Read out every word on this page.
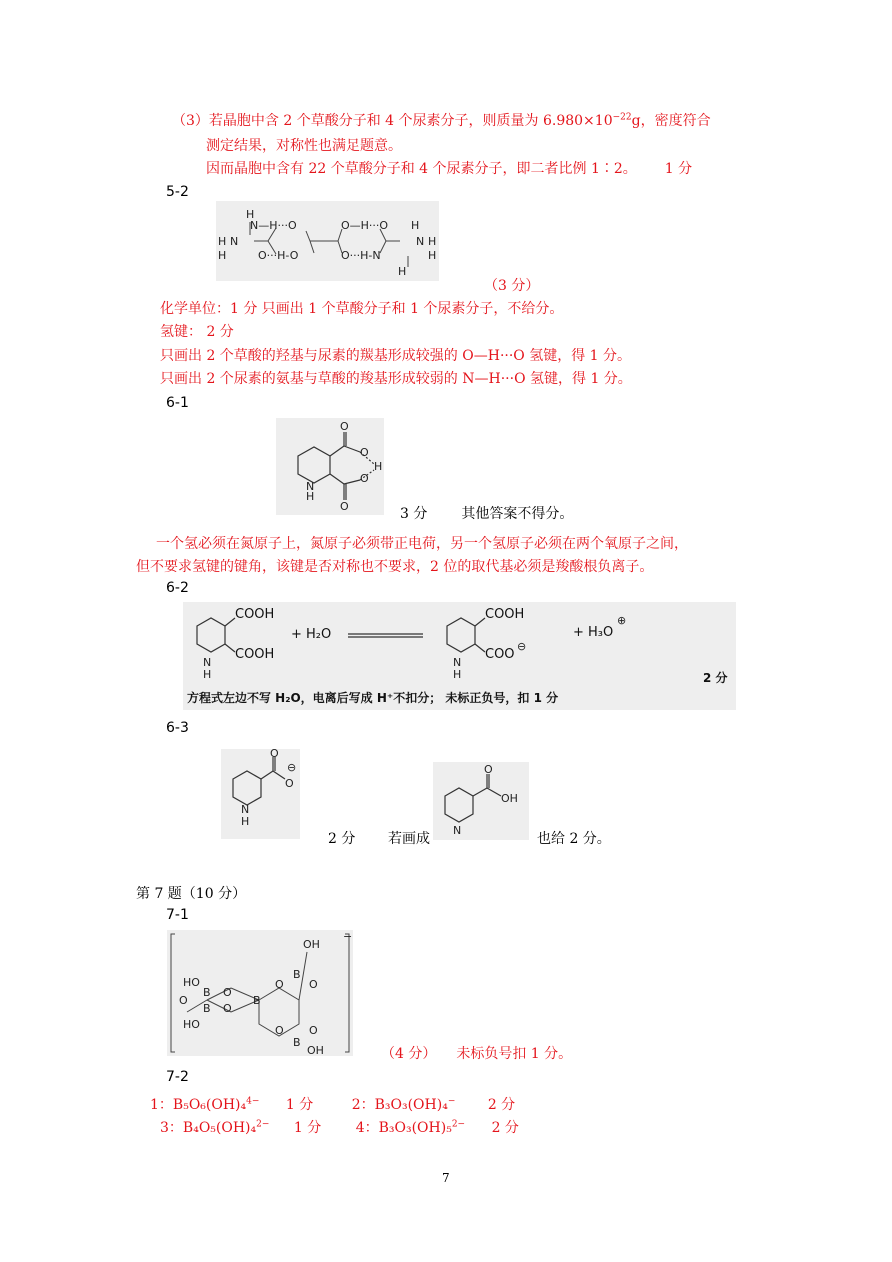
（3）若晶胞中含 2 个草酸分子和 4 个尿素分子，则质量为 $6.980\times 10^{-22}g$，密度符合
测定结果，对称性也满足题意。
因而晶胞中含有 22 个草酸分子和 4 个尿素分子，即二者比例 1∶2。 1 分
5-2
H
N—H···O	O—H···O H
H N	N H
H	O···H-O	O···H-N	H
H
（3 分）
化学单位：1 分 只画出 1 个草酸分子和 1 个尿素分子，不给分。
氢键： 2 分
只画出 2 个草酸的羟基与尿素的羰基形成较强的 O—H···O 氢键，得 1 分。
只画出 2 个尿素的氨基与草酸的羧基形成较弱的 N—H···O 氢键，得 1 分。
6-1
O
O
H
O
O
N
H
3 分 其他答案不得分。
一个氢必须在氮原子上，氮原子必须带正电荷，另一个氢原子必须在两个氧原子之间，
但不要求氢键的键角，该键是否对称也不要求，2 位的取代基必须是羧酸根负离子。
6-2
COOH
COOH
N
H
+ H₂O
COOH
COO
⊖
N
H
+ H₃O
⊕
方程式左边不写 H₂O，电离后写成 H⁺不扣分； 未标正负号，扣 1 分
2 分
6-3
O
O
⊖
N
H
2 分 若画成
O
OH
N
也给 2 分。
第 7 题（10 分）
7-1
OH
B
O O
HO
B O
O	B
B O
HO	O O
B
OH
−
（4 分） 未标负号扣 1 分。
7-2
1：B₅O₆(OH)₄$^{4-}$ 1 分	2：B₃O₃(OH)₄− 2 分
3：B₄O₅(OH)₄$^{2-}$ 1 分 4：B₃O₃(OH)₅$^{2-}$ 2 分
7
